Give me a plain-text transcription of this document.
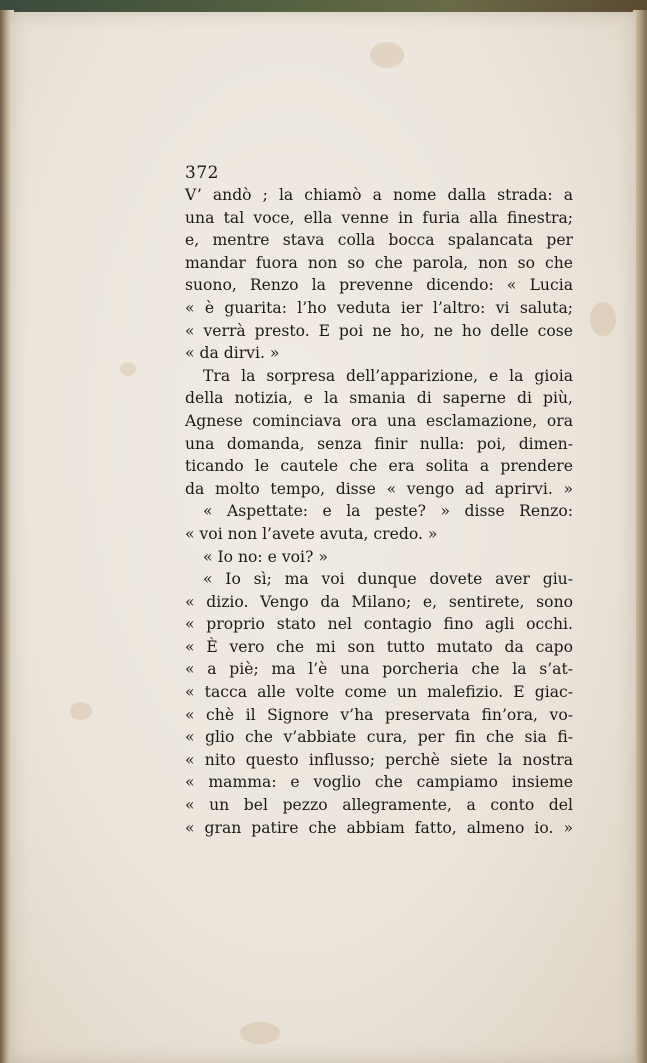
372
V’ andò ; la chiamò a nome dalla strada: a
una tal voce, ella venne in furia alla finestra;
e, mentre stava colla bocca spalancata per
mandar fuora non so che parola, non so che
suono, Renzo la prevenne dicendo: « Lucia
« è guarita: l’ho veduta ier l’altro: vi saluta;
« verrà presto. E poi ne ho, ne ho delle cose
« da dirvi. »
Tra la sorpresa dell’apparizione, e la gioia
della notizia, e la smania di saperne di più,
Agnese cominciava ora una esclamazione, ora
una domanda, senza finir nulla: poi, dimen-
ticando le cautele che era solita a prendere
da molto tempo, disse « vengo ad aprirvi. »
« Aspettate: e la peste? » disse Renzo:
« voi non l’avete avuta, credo. »
« Io no: e voi? »
« Io sì; ma voi dunque dovete aver giu-
« dizio. Vengo da Milano; e, sentirete, sono
« proprio stato nel contagio fino agli occhi.
« È vero che mi son tutto mutato da capo
« a piè; ma l’è una porcheria che la s’at-
« tacca alle volte come un malefizio. E giac-
« chè il Signore v’ha preservata fin’ora, vo-
« glio che v’abbiate cura, per fin che sia fi-
« nito questo influsso; perchè siete la nostra
« mamma: e voglio che campiamo insieme
« un bel pezzo allegramente, a conto del
« gran patire che abbiam fatto, almeno io. »
